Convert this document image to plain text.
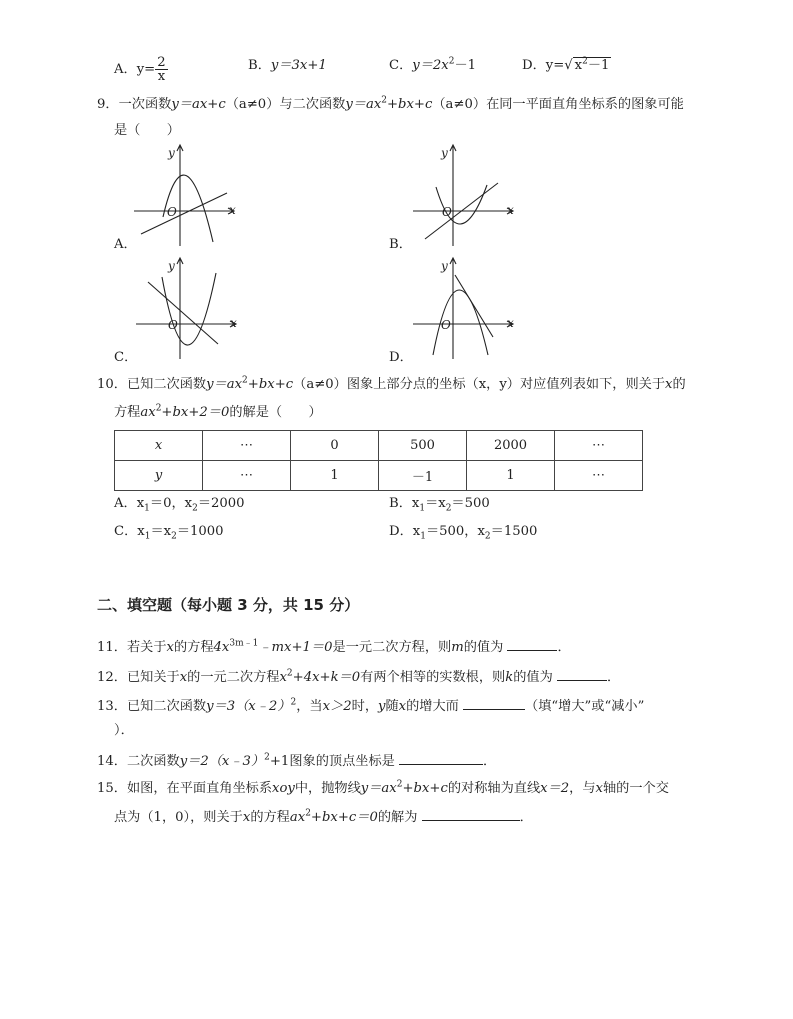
A．$y= \frac{2}{x}$	B．y＝3x+1	C．$y=2x^2-1$	D．y=√ $x^2-1$
9．一次函数y＝ax+c（a≠0）与二次函数$y=ax^2+bx+c(a\ne 0)$在同一平面直角坐标系的图象可能
是（　　）
y
x
O
A．
y
x
O
B．
y
x
O
C．
y
x
O
D．
10．已知二次函数$y=ax^2+bx+c(a\ne 0)$图象上部分点的坐标（x，y）对应值列表如下，则关于x的
方程$ax^2+bx+2=0$的解是（　　）
x	⋯	0	500	2000	⋯
y	⋯	1	－1	1	⋯
A．$x_1=0$，$x_2=2000$	B．$x_1=x_2=500$
C．$x_1=x_2=1000$	D．$x_1=500$，$x_2=1500$
二、填空题（每小题 3 分，共 15 分）
11．若关于x的方程$4x^{3m﹣1}﹣mx+1=0$是一元二次方程，则m的值为	．
12．已知关于x的一元二次方程$x^2+4x+k=0$有两个相等的实数根，则k的值为	．
13．已知二次函数y＝3（x﹣2）$^2$，当x＞2时，y随x的增大而	（填“增大”或“减小”
）．
14．二次函数y＝2（x﹣3）$^2$+1图象的顶点坐标是	．
15．如图，在平面直角坐标系xoy中，抛物线$y=ax^2+bx+c$的对称轴为直线x＝2，与x轴的一个交
点为（1，0），则关于x的方程$ax^2+bx+c=0$的解为	．
